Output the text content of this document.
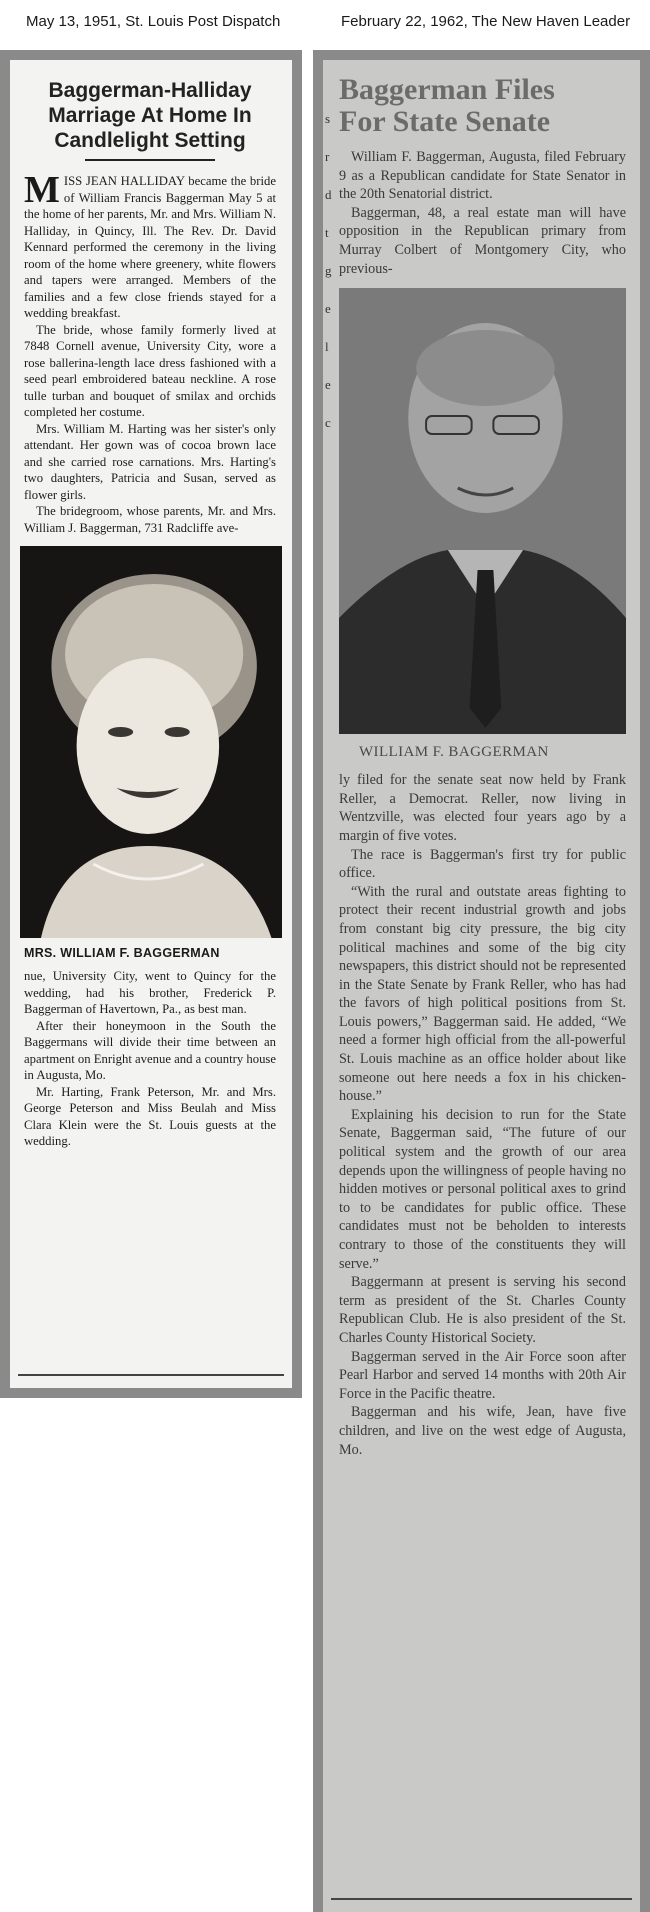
May 13, 1951, St. Louis Post Dispatch	February 22, 1962, The New Haven Leader
Baggerman-Halliday
Marriage At Home In
Candlelight Setting

MISS JEAN HALLIDAY became the bride of William Francis Baggerman May 5 at the home of her parents, Mr. and Mrs. William N. Halliday, in Quincy, Ill. The Rev. Dr. David Kennard performed the ceremony in the living room of the home where greenery, white flowers and tapers were arranged. Members of the families and a few close friends stayed for a wedding breakfast.

The bride, whose family formerly lived at 7848 Cornell avenue, University City, wore a rose ballerina-length lace dress fashioned with a seed pearl embroidered bateau neckline. A rose tulle turban and bouquet of smilax and orchids completed her costume.

Mrs. William M. Harting was her sister's only attendant. Her gown was of cocoa brown lace and she carried rose carnations. Mrs. Harting's two daughters, Patricia and Susan, served as flower girls.

The bridegroom, whose parents, Mr. and Mrs. William J. Baggerman, 731 Radcliffe ave-

MRS. WILLIAM F. BAGGERMAN

nue, University City, went to Quincy for the wedding, had his brother, Frederick P. Baggerman of Havertown, Pa., as best man.

After their honeymoon in the South the Baggermans will divide their time between an apartment on Enright avenue and a country house in Augusta, Mo.

Mr. Harting, Frank Peterson, Mr. and Mrs. George Peterson and Miss Beulah and Miss Clara Klein were the St. Louis guests at the wedding.

s
r
d
t
g
e
l
e
c
Baggerman Files
For State Senate

William F. Baggerman, Augusta, filed February 9 as a Republican candidate for State Senator in the 20th Senatorial district.

Baggerman, 48, a real estate man will have opposition in the Republican primary from Murray Colbert of Montgomery City, who previous-

WILLIAM F. BAGGERMAN

ly filed for the senate seat now held by Frank Reller, a Democrat. Reller, now living in Wentzville, was elected four years ago by a margin of five votes.

The race is Baggerman's first try for public office.

“With the rural and outstate areas fighting to protect their recent industrial growth and jobs from constant big city pressure, the big city political machines and some of the big city newspapers, this district should not be represented in the State Senate by Frank Reller, who has had the favors of high political positions from St. Louis powers,” Baggerman said. He added, “We need a former high official from the all-powerful St. Louis machine as an office holder about like someone out here needs a fox in his chicken-house.”

Explaining his decision to run for the State Senate, Baggerman said, “The future of our political system and the growth of our area depends upon the willingness of people having no hidden motives or personal political axes to grind to to be candidates for public office. These candidates must not be beholden to interests contrary to those of the constituents they will serve.”

Baggermann at present is serving his second term as president of the St. Charles County Republican Club. He is also president of the St. Charles County Historical Society.

Baggerman served in the Air Force soon after Pearl Harbor and served 14 months with 20th Air Force in the Pacific theatre.

Baggerman and his wife, Jean, have five children, and live on the west edge of Augusta, Mo.
